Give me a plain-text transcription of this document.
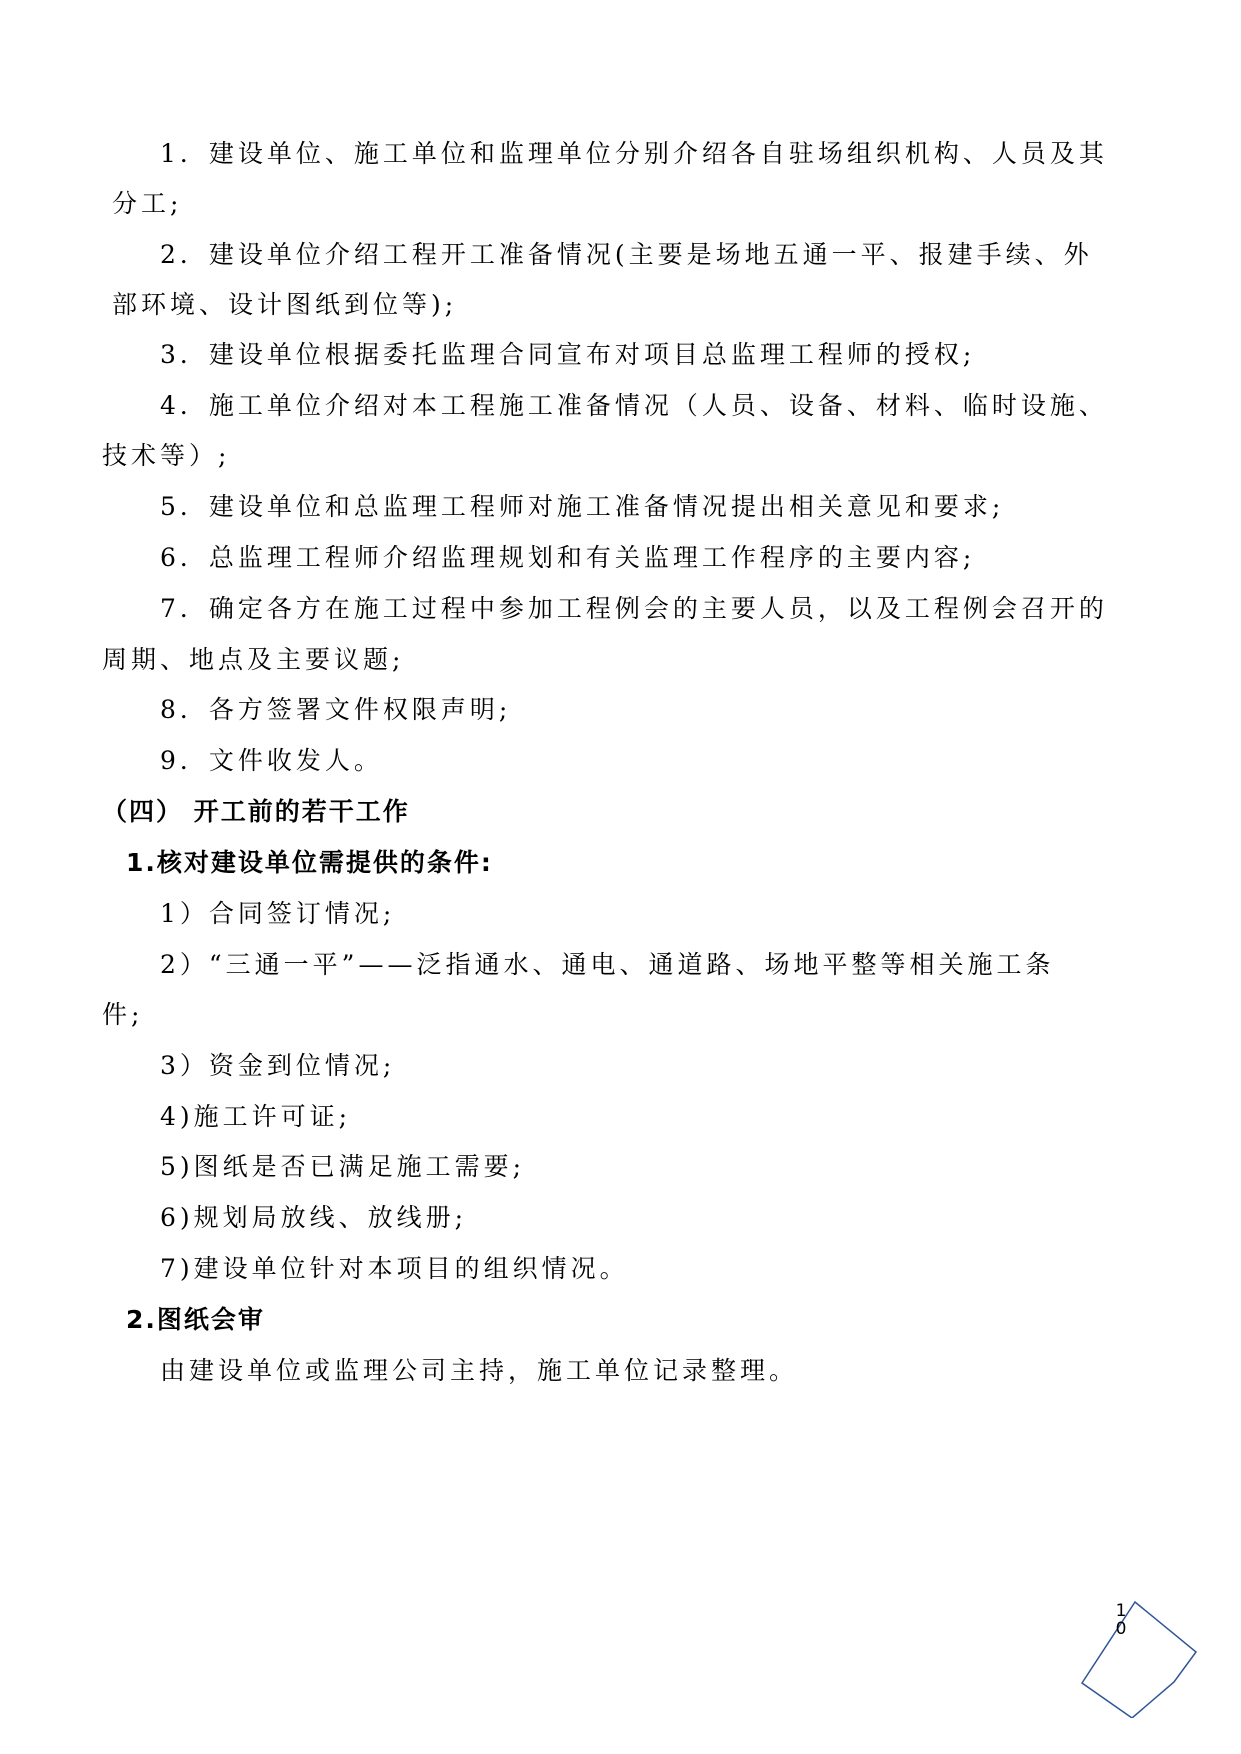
1．建设单位、施工单位和监理单位分别介绍各自驻场组织机构、人员及其
分工;
2．建设单位介绍工程开工准备情况(主要是场地五通一平、报建手续、外
部环境、设计图纸到位等);
3．建设单位根据委托监理合同宣布对项目总监理工程师的授权;
4．施工单位介绍对本工程施工准备情况（人员、设备、材料、临时设施、
技术等）;
5．建设单位和总监理工程师对施工准备情况提出相关意见和要求;
6．总监理工程师介绍监理规划和有关监理工作程序的主要内容;
7．确定各方在施工过程中参加工程例会的主要人员，以及工程例会召开的
周期、地点及主要议题;
8．各方签署文件权限声明;
9．文件收发人。
（四） 开工前的若干工作
1.核对建设单位需提供的条件:
1）合同签订情况;
2）“三通一平”——泛指通水、通电、通道路、场地平整等相关施工条
件;
3）资金到位情况;
4)施工许可证;
5)图纸是否已满足施工需要;
6)规划局放线、放线册;
7)建设单位针对本项目的组织情况。
2.图纸会审
由建设单位或监理公司主持，施工单位记录整理。
10
